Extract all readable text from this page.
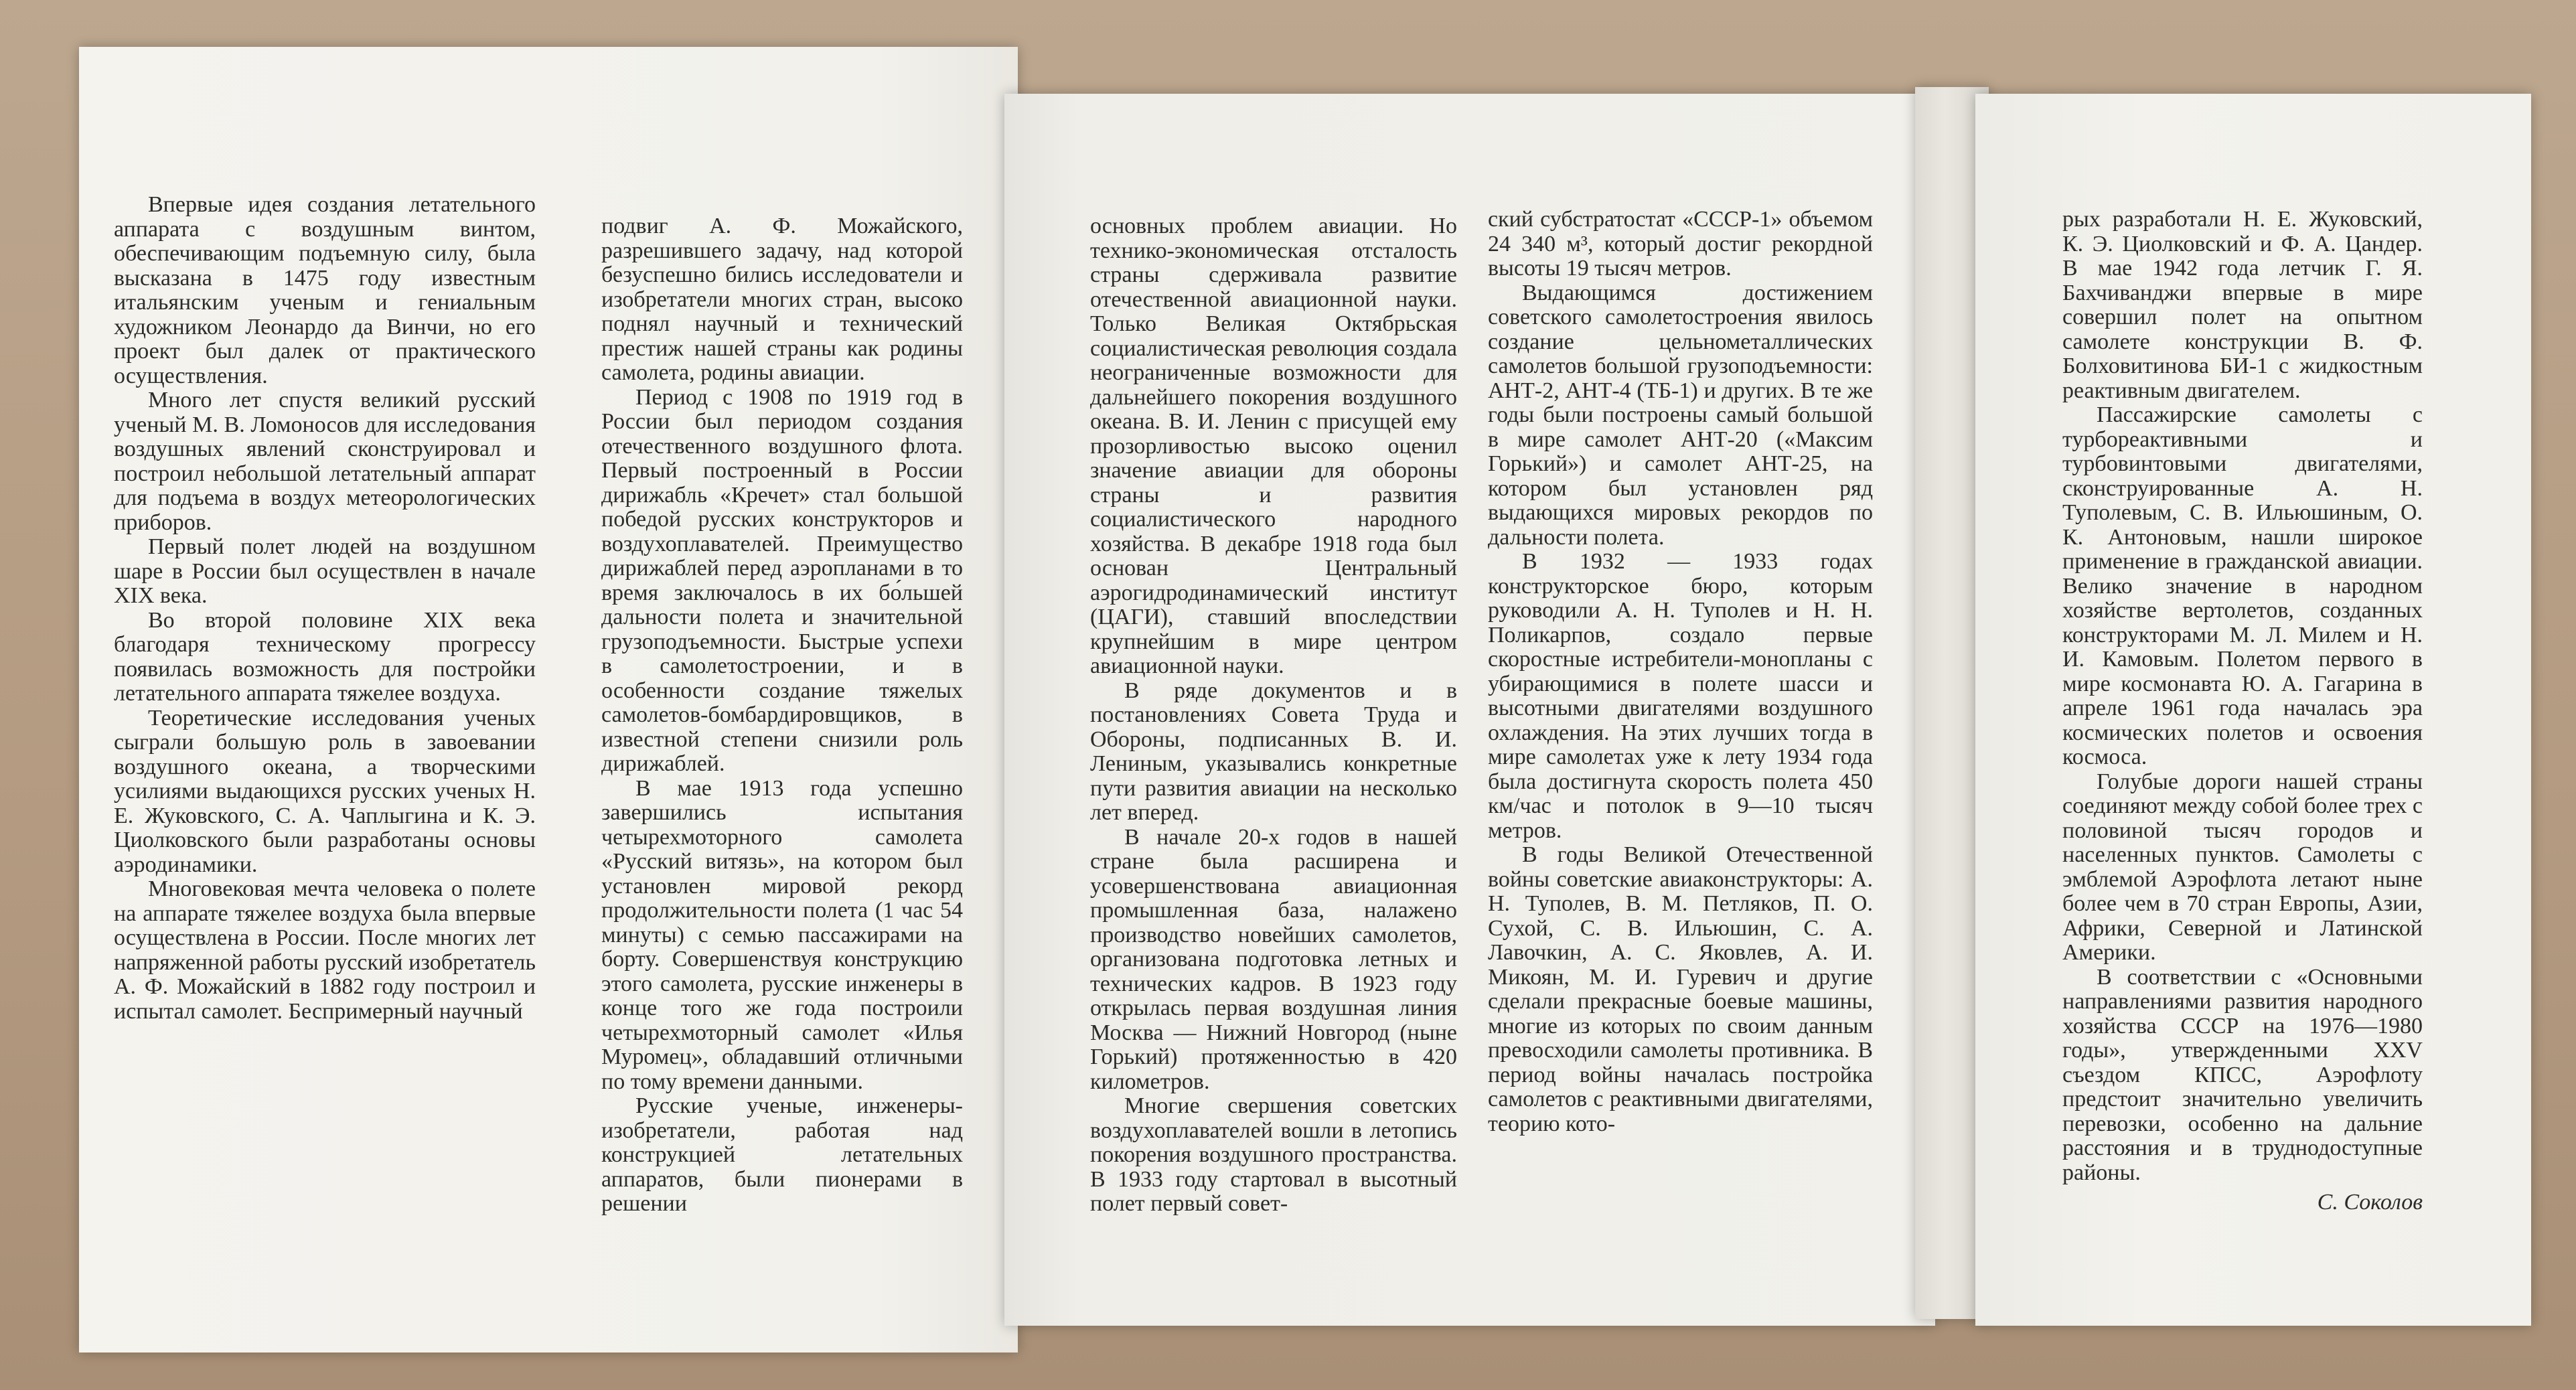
Впервые идея создания летательного аппарата с воздушным винтом, обеспечивающим подъемную силу, была высказана в 1475 году известным итальянским ученым и гениальным художником Леонардо да Винчи, но его проект был далек от практического осуществления.

Много лет спустя великий русский ученый М. В. Ломоносов для исследования воздушных явлений сконструировал и построил небольшой летательный аппарат для подъема в воздух метеорологических приборов.

Первый полет людей на воздушном шаре в России был осуществлен в начале XIX века.

Во второй половине XIX века благодаря техническому прогрессу появилась возможность для постройки летательного аппарата тяжелее воздуха.

Теоретические исследования ученых сыграли большую роль в завоевании воздушного океана, а творческими усилиями выдающихся русских ученых Н. Е. Жуковского, С. А. Чаплыгина и К. Э. Циолковского были разработаны основы аэродинамики.

Многовековая мечта человека о полете на аппарате тяжелее воздуха была впервые осуществлена в России. После многих лет напряженной работы русский изобретатель А. Ф. Можайский в 1882 году построил и испытал самолет. Беспримерный научный

подвиг А. Ф. Можайского, разрешившего задачу, над которой безуспешно бились исследователи и изобретатели многих стран, высоко поднял научный и технический престиж нашей страны как родины самолета, родины авиации.

Период с 1908 по 1919 год в России был периодом создания отечественного воздушного флота. Первый построенный в России дирижабль «Кречет» стал большой победой русских конструкторов и воздухоплавателей. Преимущество дирижаблей перед аэропланами в то время заключалось в их бо́льшей дальности полета и значительной грузоподъемности. Быстрые успехи в самолетостроении, и в особенности создание тяжелых самолетов-бомбардировщиков, в известной степени снизили роль дирижаблей.

В мае 1913 года успешно завершились испытания четырехмоторного самолета «Русский витязь», на котором был установлен мировой рекорд продолжительности полета (1 час 54 минуты) с семью пассажирами на борту. Совершенствуя конструкцию этого самолета, русские инженеры в конце того же года построили четырехмоторный самолет «Илья Муромец», обладавший отличными по тому времени данными.

Русские ученые, инженеры-изобретатели, работая над конструкцией летательных аппаратов, были пионерами в решении

основных проблем авиации. Но технико-экономическая отсталость страны сдерживала развитие отечественной авиационной науки. Только Великая Октябрьская социалистическая революция создала неограниченные возможности для дальнейшего покорения воздушного океана. В. И. Ленин с присущей ему прозорливостью высоко оценил значение авиации для обороны страны и развития социалистического народного хозяйства. В декабре 1918 года был основан Центральный аэрогидродинамический институт (ЦАГИ), ставший впоследствии крупнейшим в мире центром авиационной науки.

В ряде документов и в постановлениях Совета Труда и Обороны, подписанных В. И. Лениным, указывались конкретные пути развития авиации на несколько лет вперед.

В начале 20-х годов в нашей стране была расширена и усовершенствована авиационная промышленная база, налажено производство новейших самолетов, организована подготовка летных и технических кадров. В 1923 году открылась первая воздушная линия Москва — Нижний Новгород (ныне Горький) протяженностью в 420 километров.

Многие свершения советских воздухоплавателей вошли в летопись покорения воздушного пространства. В 1933 году стартовал в высотный полет первый совет-

ский субстратостат «СССР-1» объемом 24 340 м³, который достиг рекордной высоты 19 тысяч метров.

Выдающимся достижением советского самолетостроения явилось создание цельнометаллических самолетов большой грузоподъемности: АНТ-2, АНТ-4 (ТБ-1) и других. В те же годы были построены самый большой в мире самолет АНТ-20 («Максим Горький») и самолет АНТ-25, на котором был установлен ряд выдающихся мировых рекордов по дальности полета.

В 1932 — 1933 годах конструкторское бюро, которым руководили А. Н. Туполев и Н. Н. Поликарпов, создало первые скоростные истребители-монопланы с убирающимися в полете шасси и высотными двигателями воздушного охлаждения. На этих лучших тогда в мире самолетах уже к лету 1934 года была достигнута скорость полета 450 км/час и потолок в 9—10 тысяч метров.

В годы Великой Отечественной войны советские авиаконструкторы: А. Н. Туполев, В. М. Петляков, П. О. Сухой, С. В. Ильюшин, С. А. Лавочкин, А. С. Яковлев, А. И. Микоян, М. И. Гуревич и другие сделали прекрасные боевые машины, многие из которых по своим данным превосходили самолеты противника. В период войны началась постройка самолетов с реактивными двигателями, теорию кото-

рых разработали Н. Е. Жуковский, К. Э. Циолковский и Ф. А. Цандер. В мае 1942 года летчик Г. Я. Бахчиванджи впервые в мире совершил полет на опытном самолете конструкции В. Ф. Болховитинова БИ-1 с жидкостным реактивным двигателем.

Пассажирские самолеты с турбореактивными и турбовинтовыми двигателями, сконструированные А. Н. Туполевым, С. В. Ильюшиным, О. К. Антоновым, нашли широкое применение в гражданской авиации. Велико значение в народном хозяйстве вертолетов, созданных конструкторами М. Л. Милем и Н. И. Камовым. Полетом первого в мире космонавта Ю. А. Гагарина в апреле 1961 года началась эра космических полетов и освоения космоса.

Голубые дороги нашей страны соединяют между собой более трех с половиной тысяч городов и населенных пунктов. Самолеты с эмблемой Аэрофлота летают ныне более чем в 70 стран Европы, Азии, Африки, Северной и Латинской Америки.

В соответствии с «Основными направлениями развития народного хозяйства СССР на 1976—1980 годы», утвержденными XXV съездом КПСС, Аэрофлоту предстоит значительно увеличить перевозки, особенно на дальние расстояния и в труднодоступные районы.

С. Соколов
